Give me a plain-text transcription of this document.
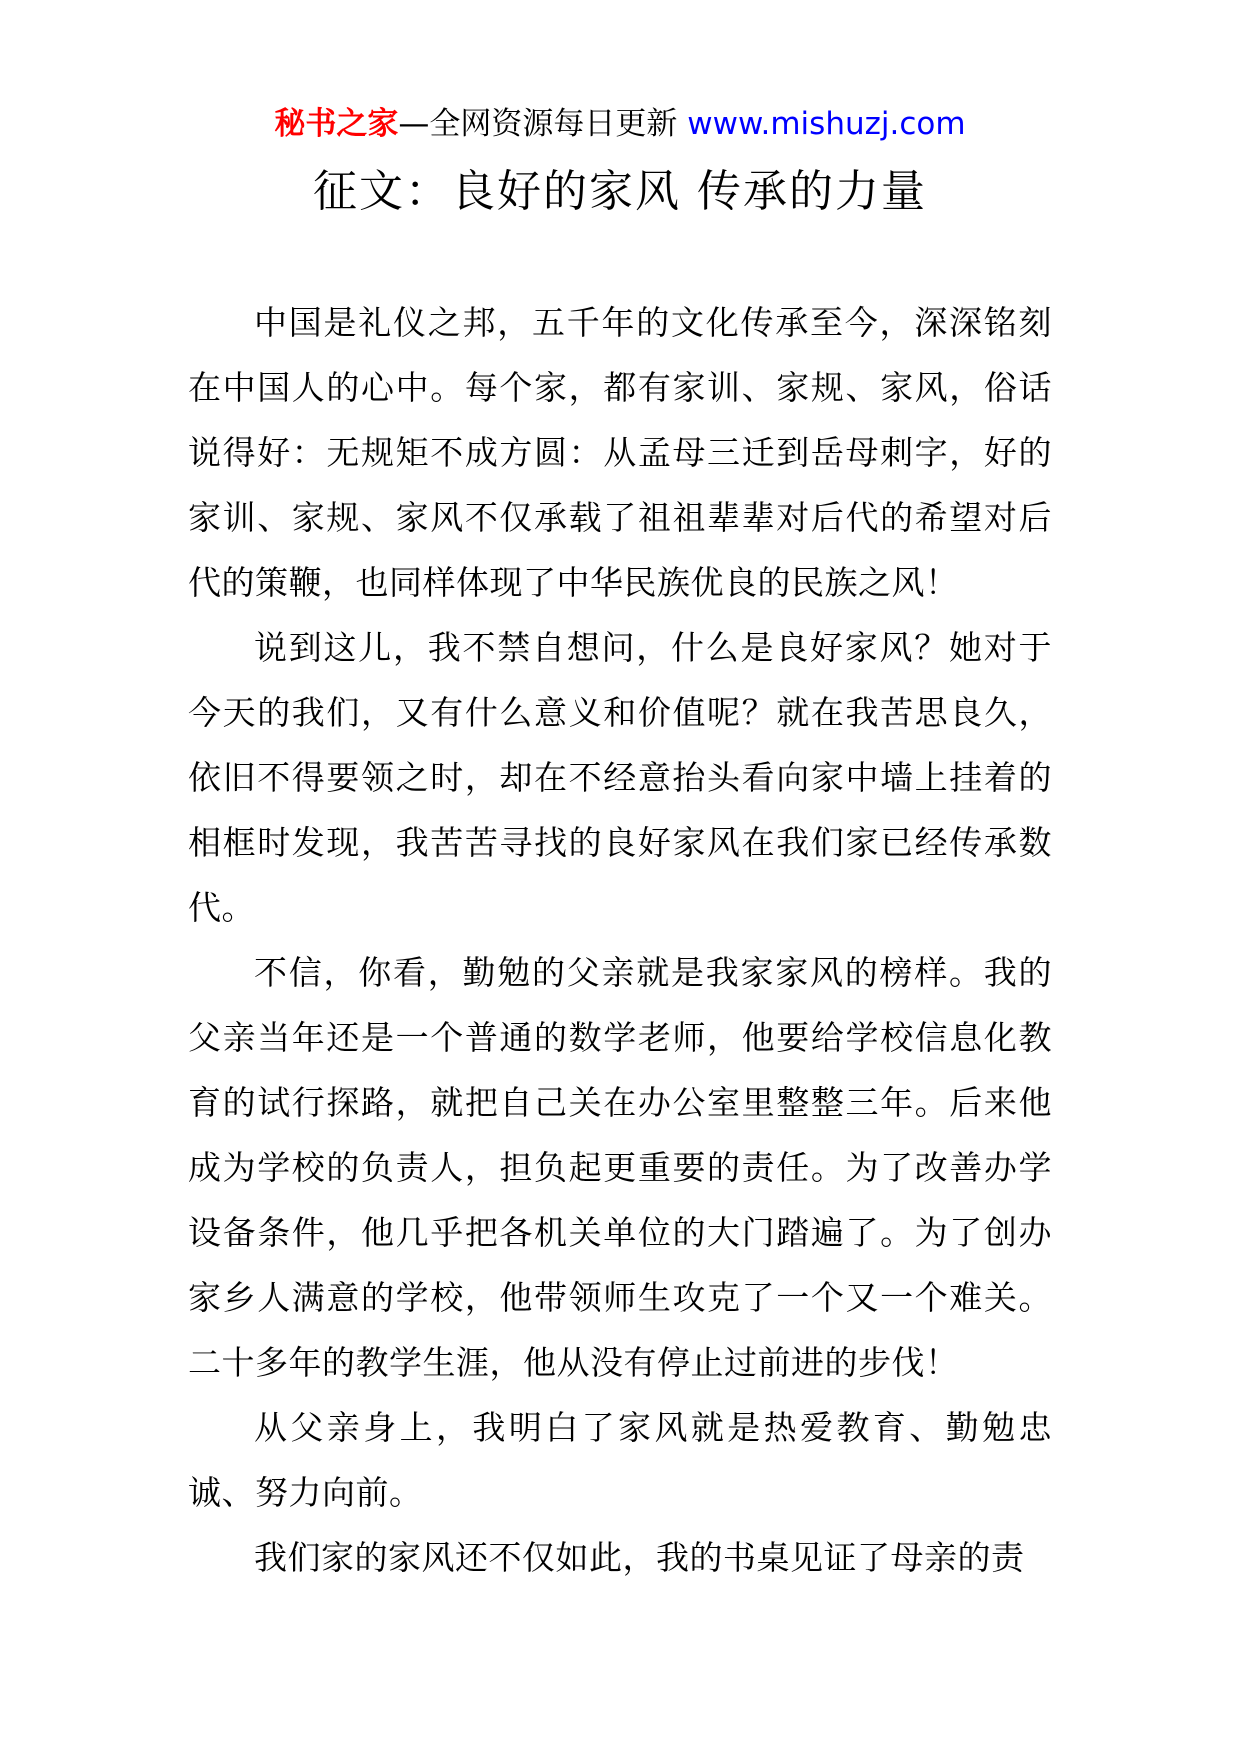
秘书之家—全网资源每日更新 www.mishuzj.com
征文：良好的家风 传承的力量

中国是礼仪之邦，五千年的文化传承至今，深深铭刻在中国人的心中。每个家，都有家训、家规、家风，俗话说得好：无规矩不成方圆：从孟母三迁到岳母刺字，好的家训、家规、家风不仅承载了祖祖辈辈对后代的希望对后代的策鞭，也同样体现了中华民族优良的民族之风！

说到这儿，我不禁自想问，什么是良好家风？她对于今天的我们，又有什么意义和价值呢？就在我苦思良久，依旧不得要领之时，却在不经意抬头看向家中墙上挂着的相框时发现，我苦苦寻找的良好家风在我们家已经传承数代。

不信，你看，勤勉的父亲就是我家家风的榜样。我的父亲当年还是一个普通的数学老师，他要给学校信息化教育的试行探路，就把自己关在办公室里整整三年。后来他成为学校的负责人，担负起更重要的责任。为了改善办学设备条件，他几乎把各机关单位的大门踏遍了。为了创办家乡人满意的学校，他带领师生攻克了一个又一个难关。二十多年的教学生涯，他从没有停止过前进的步伐！

从父亲身上，我明白了家风就是热爱教育、勤勉忠诚、努力向前。

我们家的家风还不仅如此，我的书桌见证了母亲的责
